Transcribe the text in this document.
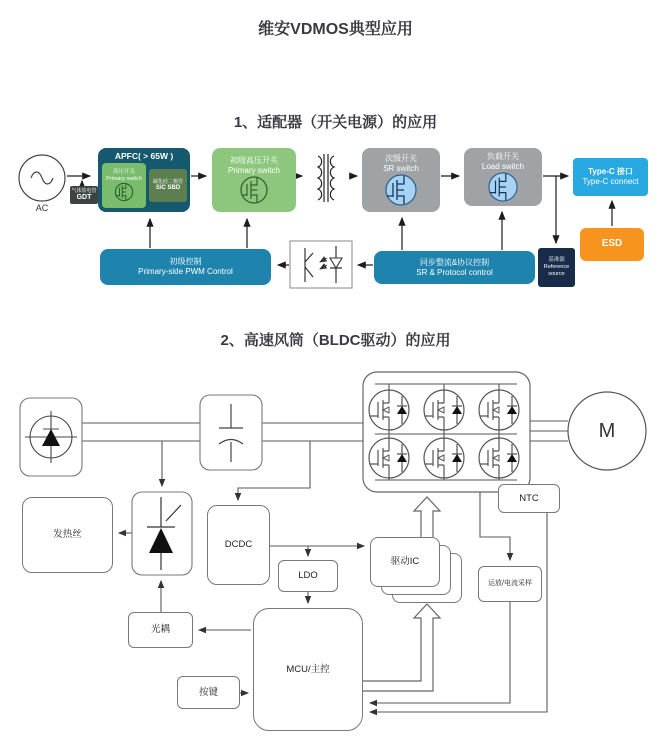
维安VDMOS典型应用
1、适配器（开关电源）的应用
2、高速风筒（BLDC驱动）的应用
AC
气体放电管
GDT
APFC( > 65W )
高压开关
Primary switch
碳化硅二极管
SiC SBD
初级高压开关
Primary switch
次级开关
SR switch
负载开关
Load switch
Type-C 接口
Type-C connect
ESD
基准源
Reference
source
同步整流&协议控制
SR & Protocol control
初级控制
Primary-side PWM Control
发热丝
DCDC
LDO
光耦
按键
MCU/主控
驱动IC
NTC
运放/电流采样
M
